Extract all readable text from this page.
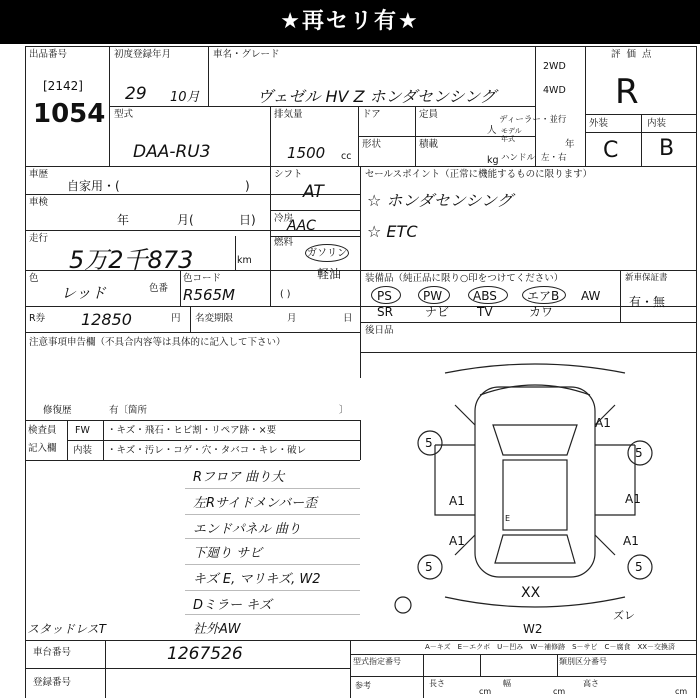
★再セリ有★
出品番号
[2142]
1054
初度登録年月
29 10月
車名・グレード
ヴェゼル HV Z ホンダセンシング
2WD
4WD
評価点
R
外装	内装
C B
型式
DAA-RU3
排気量
1500 cc
ドア
形状
定員
人
積載
kg
ディーラー・並行
モデル年式
年
ハンドル 左・右
車歴
自家用・(	)
車検
年	月(	日)
走行
5万2千873	km
シフト
AT
冷房
AAC
燃料
ガソリン
軽油
( )
色
レッド	色番
色コード
R565M
セールスポイント（正常に機能するものに限ります）
☆ ホンダセンシング
☆ ETC
装備品（純正品に限り○印をつけてください）	新車保証書
有・無
PS	PW	ABS	エアB AW
SR	ナビ TV	カワ
R券 12850	円 名変期限	月	日
後日品
注意事項申告欄（不具合内容等は具体的に記入して下さい）
修復歴	有〔箇所	〕
検査員
記入欄
FW ・キズ・飛石・ヒビ割・リペア跡・×要
内装 ・キズ・汚レ・コゲ・穴・タバコ・キレ・破レ
Rフロア 曲り大
左Rサイドメンバー歪
エンドパネル 曲り
下廻り サビ
キズ E, マリキズ, W2
Dミラー キズ
社外AW
スタッドレスT
車台番号	1267526
登録番号
A－キズ　E－エクボ　U－凹み　W－補修跡　S－サビ　C－腐食　XX－交換済
型式指定番号	類別区分番号
参考	長さ
cm
幅
cm
高さ
cm
5
5
5	5
A1
A1
A1
A1	A1
E
XX
W2
ズレ
